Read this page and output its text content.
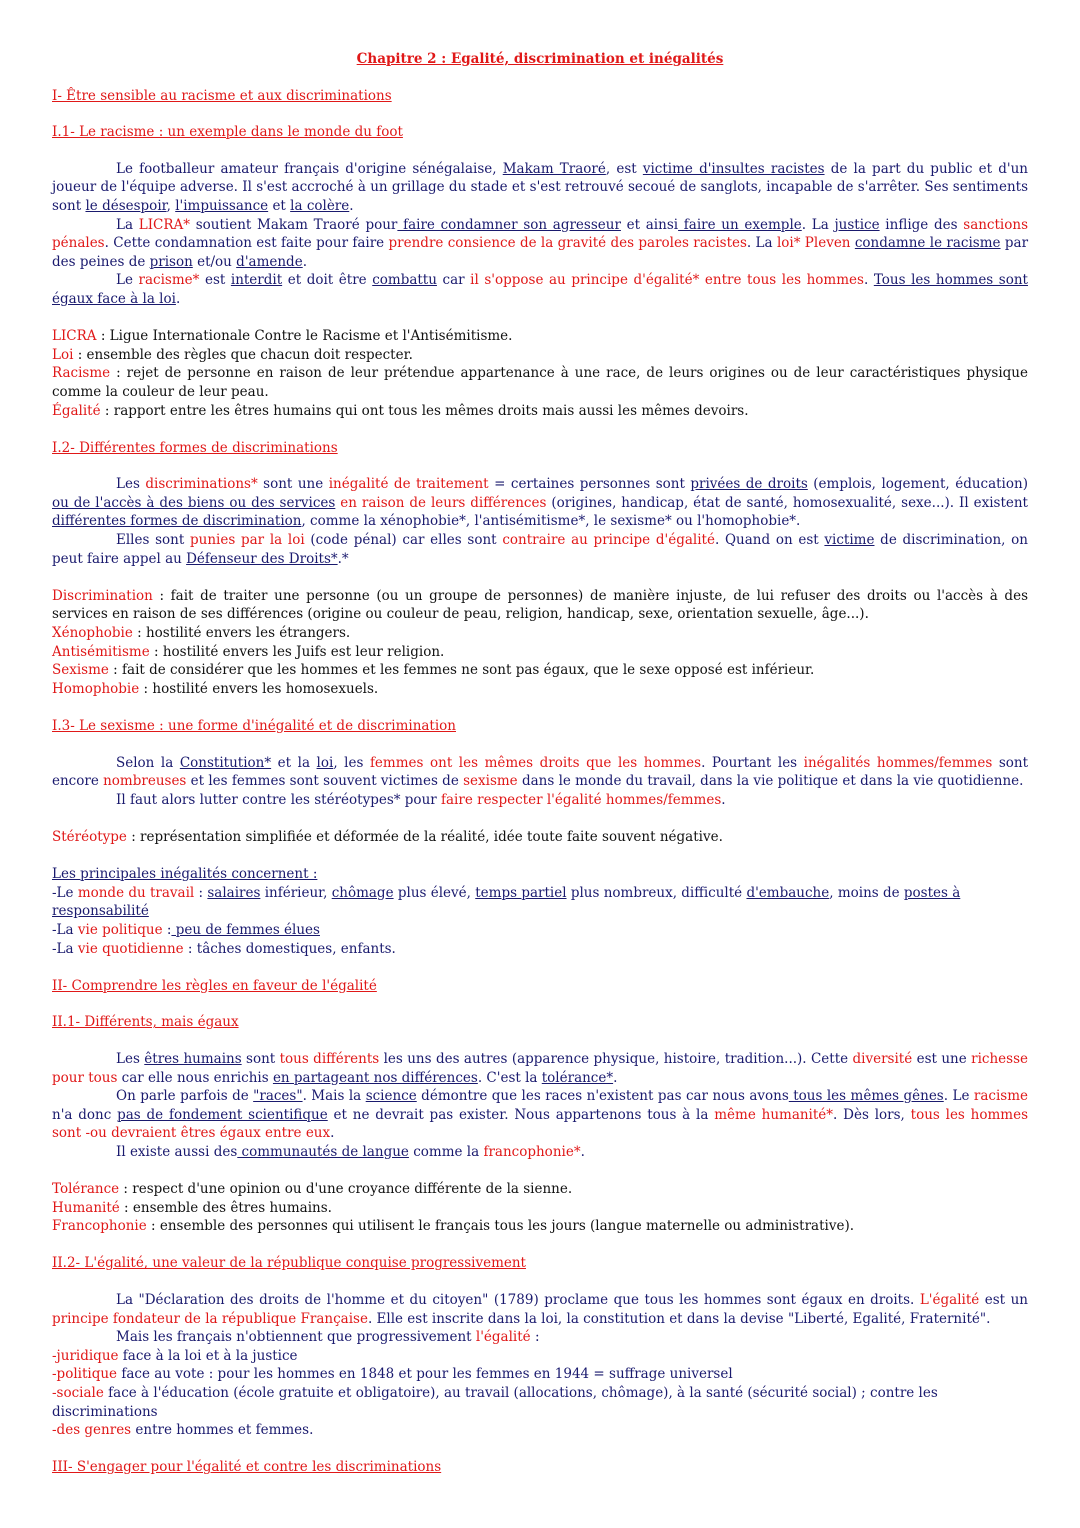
Chapitre 2 : Egalité, discrimination et inégalités

I- Être sensible au racisme et aux discriminations

I.1- Le racisme : un exemple dans le monde du foot

Le footballeur amateur français d'origine sénégalaise, Makam Traoré, est victime d'insultes racistes de la part du public et d'un joueur de l'équipe adverse. Il s'est accroché à un grillage du stade et s'est retrouvé secoué de sanglots, incapable de s'arrêter. Ses sentiments sont le désespoir, l'impuissance et la colère.

La LICRA* soutient Makam Traoré pour faire condamner son agresseur et ainsi faire un exemple. La justice inflige des sanctions pénales. Cette condamnation est faite pour faire prendre consience de la gravité des paroles racistes. La loi* Pleven condamne le racisme par des peines de prison et/ou d'amende.

Le racisme* est interdit et doit être combattu car il s'oppose au principe d'égalité* entre tous les hommes. Tous les hommes sont égaux face à la loi.

LICRA : Ligue Internationale Contre le Racisme et l'Antisémitisme.

Loi : ensemble des règles que chacun doit respecter.

Racisme : rejet de personne en raison de leur prétendue appartenance à une race, de leurs origines ou de leur caractéristiques physique comme la couleur de leur peau.

Égalité : rapport entre les êtres humains qui ont tous les mêmes droits mais aussi les mêmes devoirs.

I.2- Différentes formes de discriminations

Les discriminations* sont une inégalité de traitement = certaines personnes sont privées de droits (emplois, logement, éducation) ou de l'accès à des biens ou des services en raison de leurs différences (origines, handicap, état de santé, homosexualité, sexe...). Il existent différentes formes de discrimination, comme la xénophobie*, l'antisémitisme*, le sexisme* ou l'homophobie*.

Elles sont punies par la loi (code pénal) car elles sont contraire au principe d'égalité. Quand on est victime de discrimination, on peut faire appel au Défenseur des Droits*.*

Discrimination : fait de traiter une personne (ou un groupe de personnes) de manière injuste, de lui refuser des droits ou l'accès à des services en raison de ses différences (origine ou couleur de peau, religion, handicap, sexe, orientation sexuelle, âge...).

Xénophobie : hostilité envers les étrangers.

Antisémitisme : hostilité envers les Juifs est leur religion.

Sexisme : fait de considérer que les hommes et les femmes ne sont pas égaux, que le sexe opposé est inférieur.

Homophobie : hostilité envers les homosexuels.

I.3- Le sexisme : une forme d'inégalité et de discrimination

Selon la Constitution* et la loi, les femmes ont les mêmes droits que les hommes. Pourtant les inégalités hommes/femmes sont encore nombreuses et les femmes sont souvent victimes de sexisme dans le monde du travail, dans la vie politique et dans la vie quotidienne.

Il faut alors lutter contre les stéréotypes* pour faire respecter l'égalité hommes/femmes.

Stéréotype : représentation simplifiée et déformée de la réalité, idée toute faite souvent négative.

Les principales inégalités concernent :

-Le monde du travail : salaires inférieur, chômage plus élevé, temps partiel plus nombreux, difficulté d'embauche, moins de postes à responsabilité

-La vie politique : peu de femmes élues

-La vie quotidienne : tâches domestiques, enfants.

II- Comprendre les règles en faveur de l'égalité

II.1- Différents, mais égaux

Les êtres humains sont tous différents les uns des autres (apparence physique, histoire, tradition...). Cette diversité est une richesse pour tous car elle nous enrichis en partageant nos différences. C'est la tolérance*.

On parle parfois de "races". Mais la science démontre que les races n'existent pas car nous avons tous les mêmes gênes. Le racisme n'a donc pas de fondement scientifique et ne devrait pas exister. Nous appartenons tous à la même humanité*. Dès lors, tous les hommes sont -ou devraient êtres égaux entre eux.

Il existe aussi des communautés de langue comme la francophonie*.

Tolérance : respect d'une opinion ou d'une croyance différente de la sienne.

Humanité : ensemble des êtres humains.

Francophonie : ensemble des personnes qui utilisent le français tous les jours (langue maternelle ou administrative).

II.2- L'égalité, une valeur de la république conquise progressivement

La "Déclaration des droits de l'homme et du citoyen" (1789) proclame que tous les hommes sont égaux en droits. L'égalité est un principe fondateur de la république Française. Elle est inscrite dans la loi, la constitution et dans la devise "Liberté, Egalité, Fraternité".

Mais les français n'obtiennent que progressivement l'égalité :

-juridique face à la loi et à la justice

-politique face au vote : pour les hommes en 1848 et pour les femmes en 1944 = suffrage universel

-sociale face à l'éducation (école gratuite et obligatoire), au travail (allocations, chômage), à la santé (sécurité social) ; contre les discriminations

-des genres entre hommes et femmes.

III- S'engager pour l'égalité et contre les discriminations
